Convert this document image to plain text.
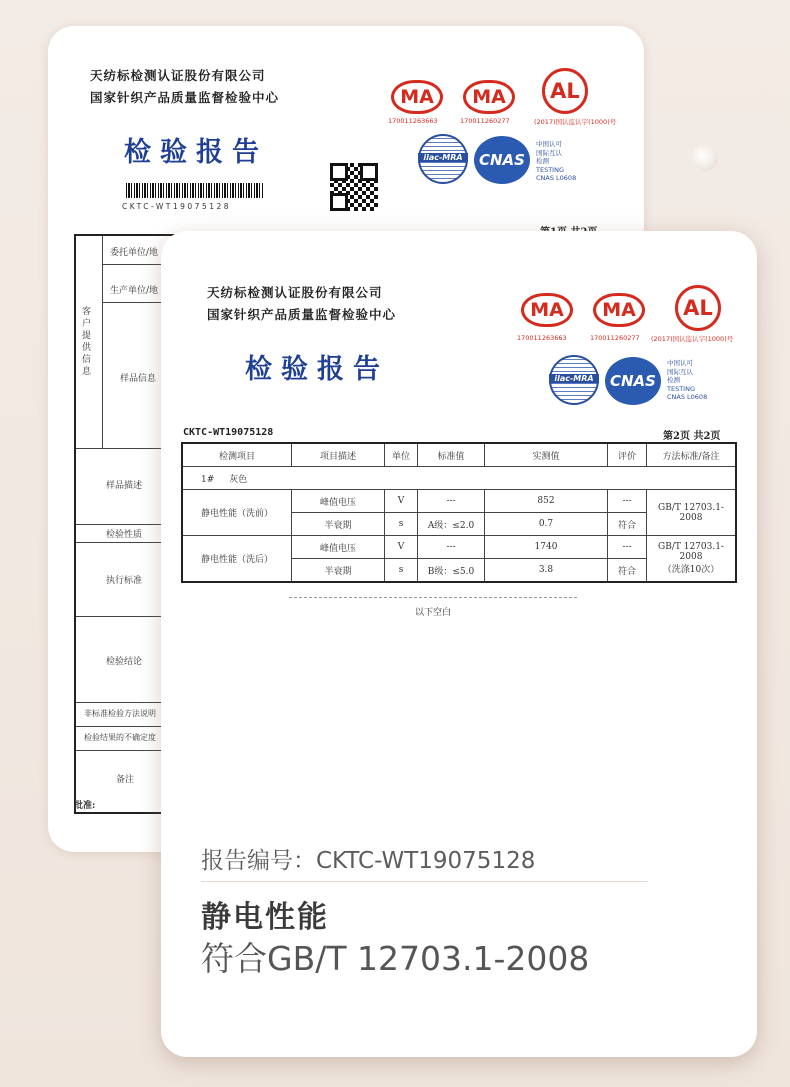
天纺标检测认证股份有限公司
国家针织产品质量监督检验中心
检验报告
CKTC-WT19075128
MA
170011263663
MA
170011260277
AL
(2017)国认监认字(1000)号
ilac-MRA	CNAS
中国认可
国际互认
检测
TESTING
CNAS L0608
客户提供信息
委托单位/地
生产单位/地
样品信息
样品描述
检验性质
执行标准
检验结论
非标准检验方法说明
检验结果的不确定度
备注
批准:
天纺标检测认证股份有限公司
国家针织产品质量监督检验中心
检验报告
MA
170011263663
MA
170011260277
AL
(2017)国认监认字(1000)号
ilac-MRA	CNAS
中国认可
国际互认
检测
TESTING
CNAS L0608
CKTC-WT19075128	第2页 共2页
检测项目	项目描述	单位	标准值	实测值	评价	方法标准/备注
1# 灰色						
静电性能（洗前）	峰值电压	V	---	852	---	GB/T 12703.1-2008
	半衰期	s	A级：≤2.0	0.7	符合	
静电性能（洗后）	峰值电压	V	---	1740	---	GB/T 12703.1-2008
（洗涤10次）

	半衰期	s	B级：≤5.0	3.8	符合	
以下空白
报告编号：CKTC-WT19075128
静电性能
符合GB/T 12703.1-2008
